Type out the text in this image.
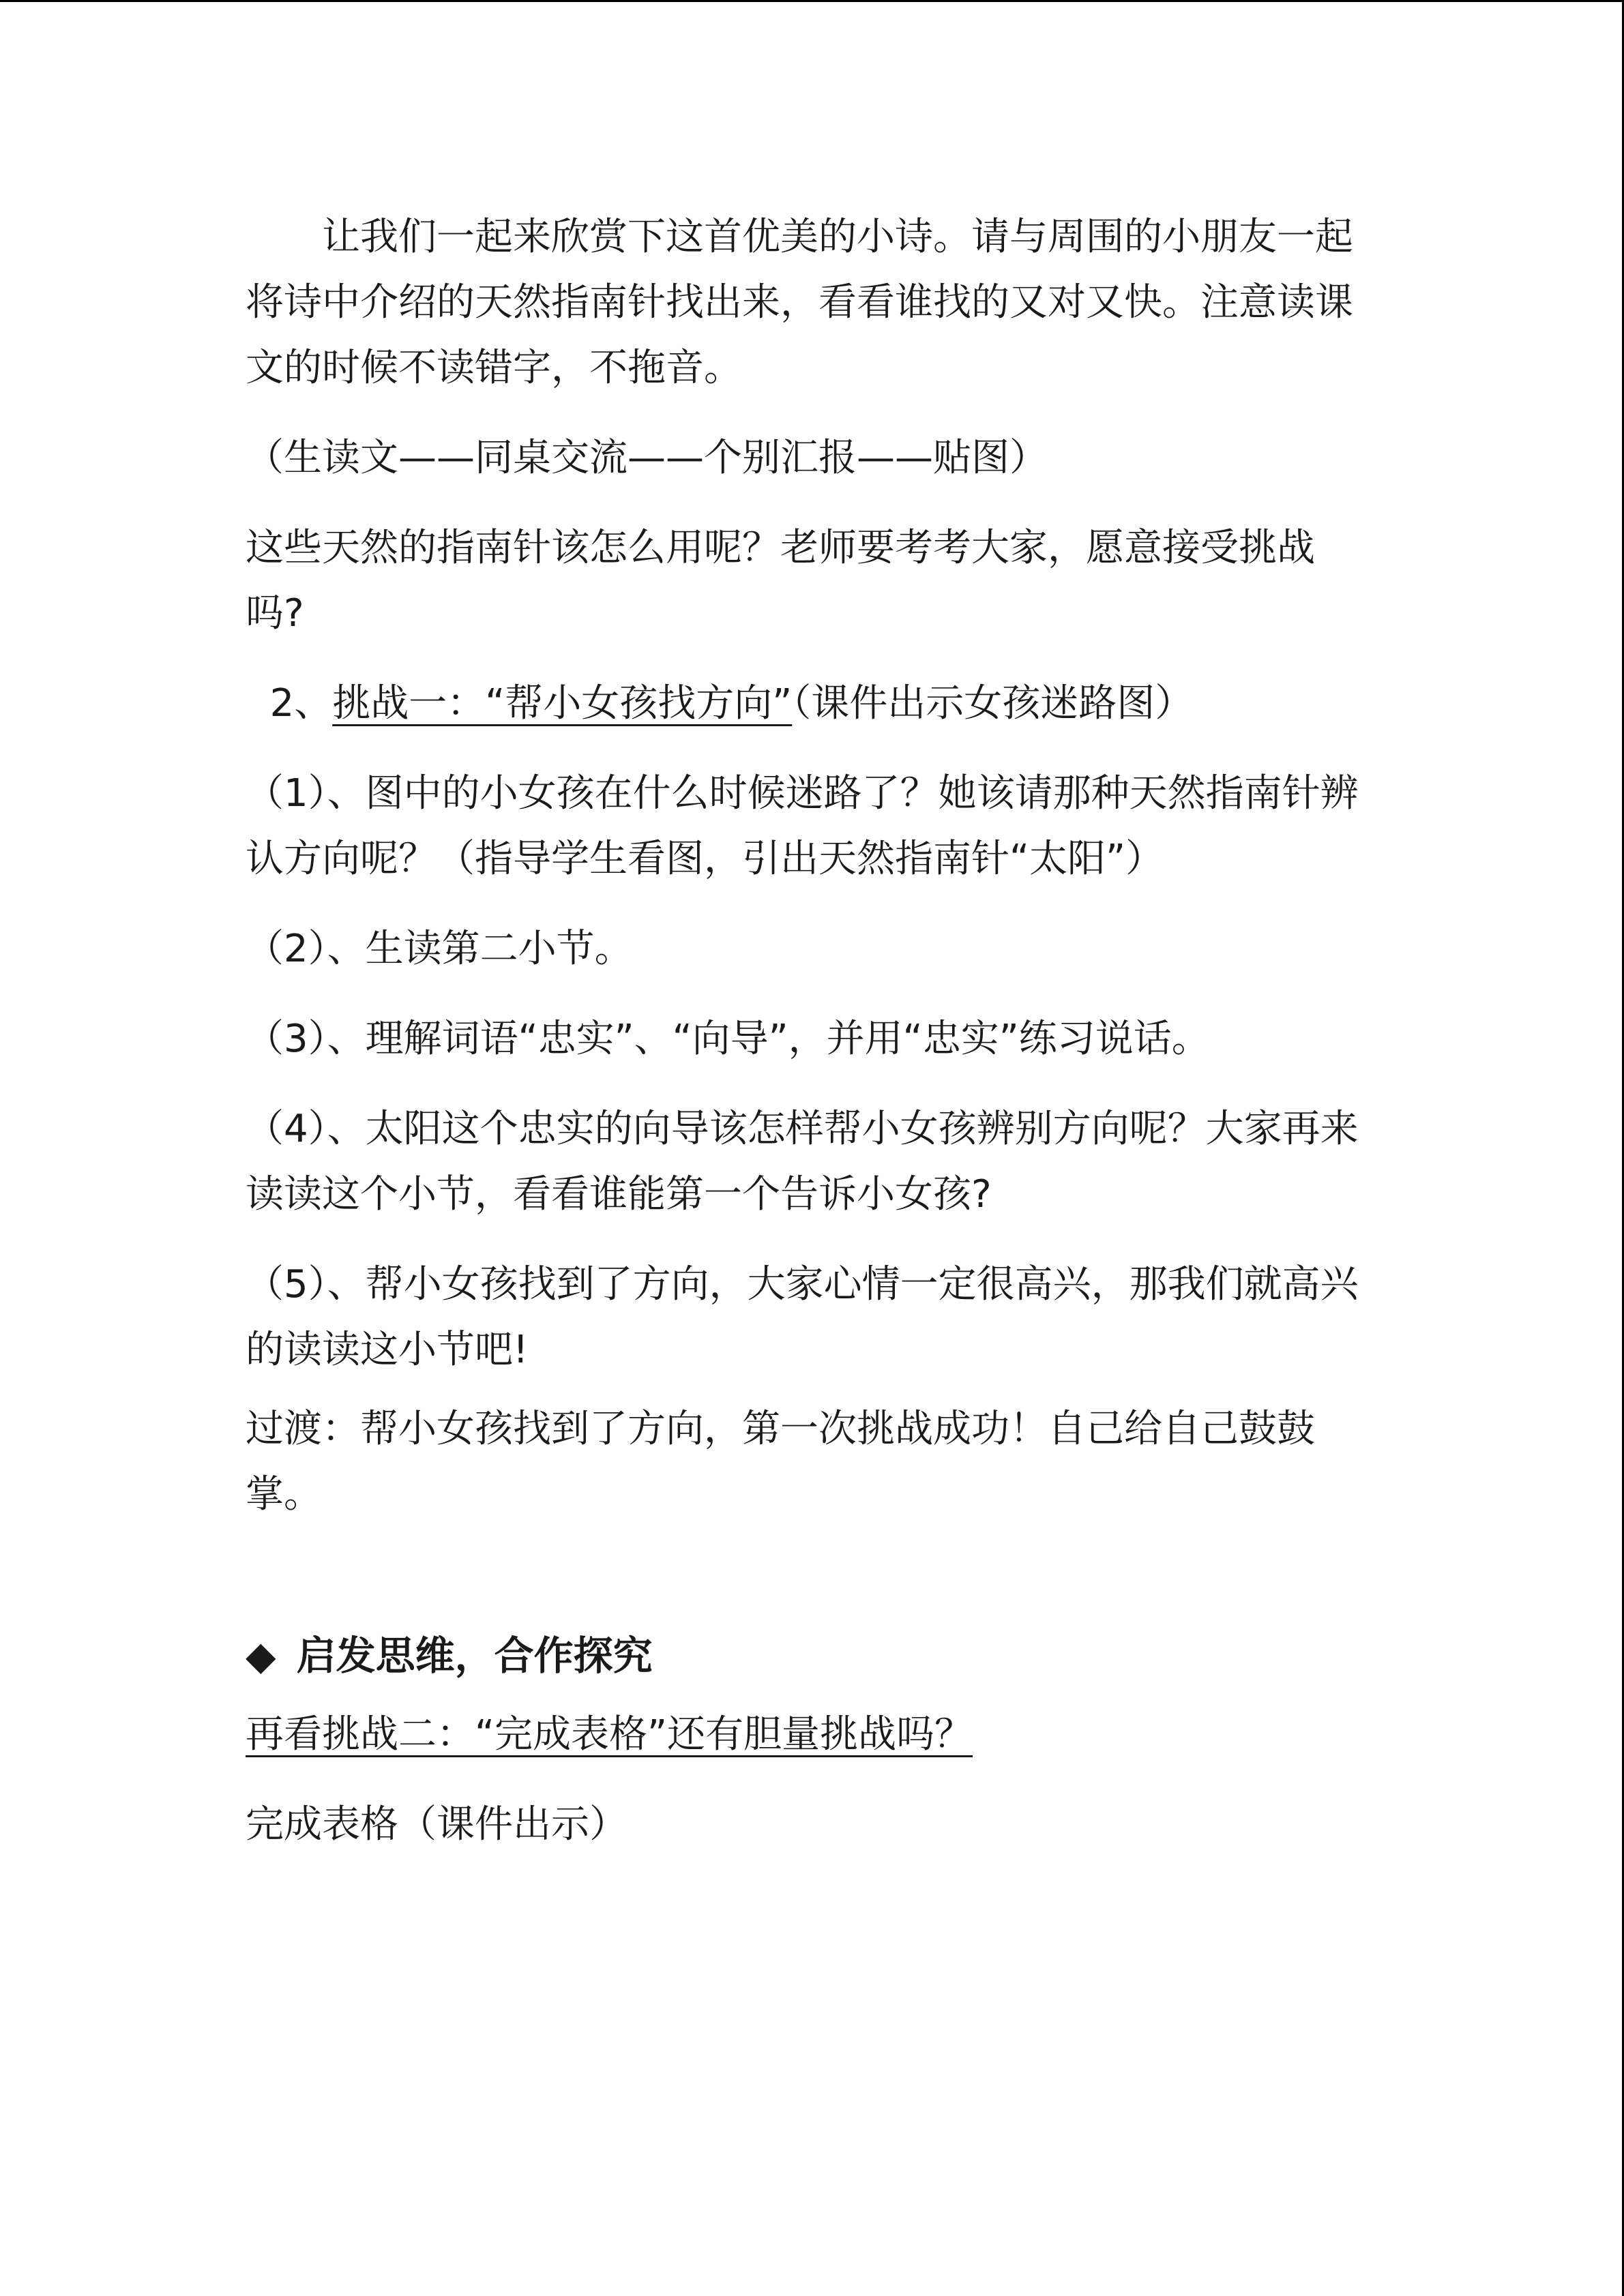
　　让我们一起来欣赏下这首优美的小诗。请与周围的小朋友一起将诗中介绍的天然指南针找出来，看看谁找的又对又快。注意读课文的时候不读错字，不拖音。

（生读文——同桌交流——个别汇报——贴图）

这些天然的指南针该怎么用呢？老师要考考大家，愿意接受挑战吗?

2、挑战一：“帮小女孩找方向”（课件出示女孩迷路图）

（1）、图中的小女孩在什么时候迷路了？她该请那种天然指南针辨认方向呢？（指导学生看图，引出天然指南针“太阳”）

（2）、生读第二小节。

（3）、理解词语“忠实”、“向导”，并用“忠实”练习说话。

（4）、太阳这个忠实的向导该怎样帮小女孩辨别方向呢？大家再来读读这个小节，看看谁能第一个告诉小女孩?

（5）、帮小女孩找到了方向，大家心情一定很高兴，那我们就高兴的读读这小节吧!

过渡：帮小女孩找到了方向，第一次挑战成功！自己给自己鼓鼓掌。

◆ 启发思维，合作探究

再看挑战二：“完成表格”还有胆量挑战吗？

完成表格（课件出示）
